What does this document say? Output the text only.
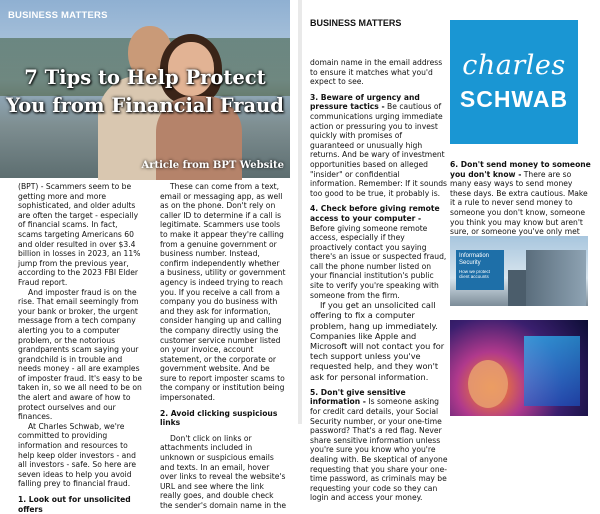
BUSINESS MATTERS
7 Tips to Help Protect You from Financial Fraud
Article from BPT Website

(BPT) - Scammers seem to be getting more and more sophisticated, and older adults are often the target - especially of financial scams. In fact, scams targeting Americans 60 and older resulted in over $3.4 billion in losses in 2023, an 11% jump from the previous year, according to the 2023 FBI Elder Fraud report.

And imposter fraud is on the rise. That email seemingly from your bank or broker, the urgent message from a tech company alerting you to a computer problem, or the notorious grandparents scam saying your grandchild is in trouble and needs money - all are examples of imposter fraud. It's easy to be taken in, so we all need to be on the alert and aware of how to protect ourselves and our finances.

At Charles Schwab, we're committed to providing information and resources to help keep older investors - and all investors - safe. So here are seven ideas to help you avoid falling prey to financial fraud.

1. Look out for unsolicited offers

These can come from a text, email or messaging app, as well as on the phone. Don't rely on caller ID to determine if a call is legitimate. Scammers use tools to make it appear they're calling from a genuine government or business number. Instead, confirm independently whether a business, utility or government agency is indeed trying to reach you. If you receive a call from a company you do business with and they ask for information, consider hanging up and calling the company directly using the customer service number listed on your invoice, account statement, or the corporate or government website. And be sure to report imposter scams to the company or institution being impersonated.

2. Avoid clicking suspicious links

Don't click on links or attachments included in unknown or suspicious emails and texts. In an email, hover over links to reveal the website's URL and see where the link really goes, and double check the sender's domain name in the

BUSINESS MATTERS

domain name in the email address to ensure it matches what you'd expect to see.

3. Beware of urgency and pressure tactics - Be cautious of communications urging immediate action or pressuring you to invest quickly with promises of guaranteed or unusually high returns. And be wary of investment opportunities based on alleged "insider" or confidential information. Remember: If it sounds too good to be true, it probably is.

4. Check before giving remote access to your computer - Before giving someone remote access, especially if they proactively contact you saying there's an issue or suspected fraud, call the phone number listed on your financial institution's public site to verify you're speaking with someone from the firm.

If you get an unsolicited call offering to fix a computer problem, hang up immediately. Companies like Apple and Microsoft will not contact you for tech support unless you've requested help, and they won't ask for personal information.

5. Don't give sensitive information - Is someone asking for credit card details, your Social Security number, or your one-time password? That's a red flag. Never share sensitive information unless you're sure you know who you're dealing with. Be skeptical of anyone requesting that you share your one-time password, as criminals may be requesting your code so they can login and access your money.

charles
SCHWAB

6. Don't send money to someone you don't know - There are so many easy ways to send money these days. Be extra cautious. Make it a rule to never send money to someone you don't know, someone you think you may know but aren't sure, or someone you've only met

Information Security
How we protect client accounts
